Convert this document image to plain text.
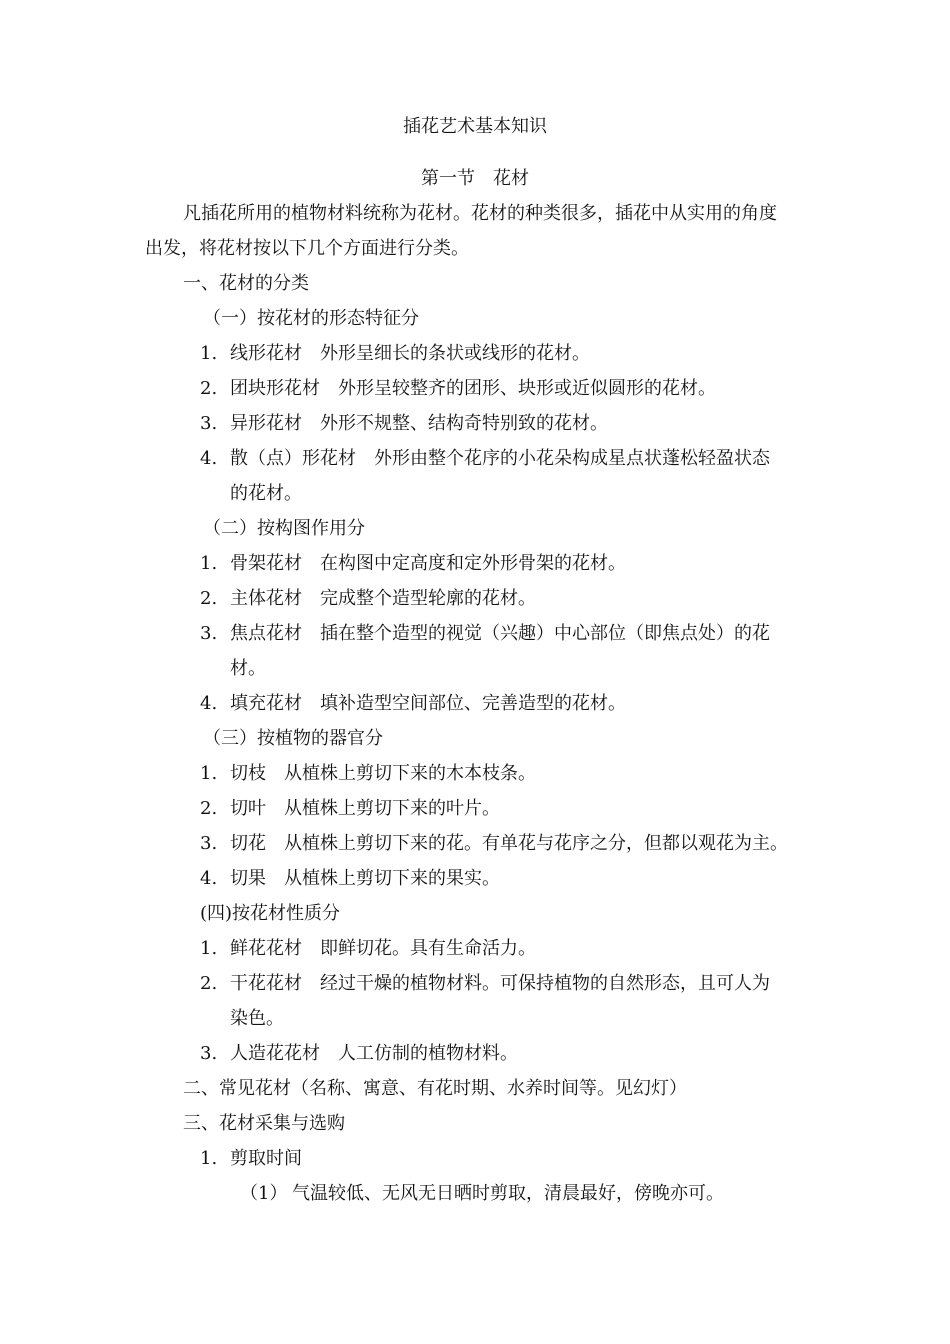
插花艺术基本知识
第一节 花材
凡插花所用的植物材料统称为花材。花材的种类很多，插花中从实用的角度
出发，将花材按以下几个方面进行分类。
一、花材的分类
（一）按花材的形态特征分
1. 线形花材 外形呈细长的条状或线形的花材。
2. 团块形花材 外形呈较整齐的团形、块形或近似圆形的花材。
3. 异形花材 外形不规整、结构奇特别致的花材。
4. 散（点）形花材 外形由整个花序的小花朵构成星点状蓬松轻盈状态
的花材。
（二）按构图作用分
1. 骨架花材 在构图中定高度和定外形骨架的花材。
2. 主体花材 完成整个造型轮廓的花材。
3. 焦点花材 插在整个造型的视觉（兴趣）中心部位（即焦点处）的花
材。
4. 填充花材 填补造型空间部位、完善造型的花材。
（三）按植物的器官分
1. 切枝 从植株上剪切下来的木本枝条。
2. 切叶 从植株上剪切下来的叶片。
3. 切花 从植株上剪切下来的花。有单花与花序之分，但都以观花为主。
4. 切果 从植株上剪切下来的果实。
(四)按花材性质分
1. 鲜花花材 即鲜切花。具有生命活力。
2. 干花花材 经过干燥的植物材料。可保持植物的自然形态，且可人为
染色。
3. 人造花花材 人工仿制的植物材料。
二、常见花材（名称、寓意、有花时期、水养时间等。见幻灯）
三、花材采集与选购
1. 剪取时间
（1） 气温较低、无风无日晒时剪取，清晨最好，傍晚亦可。
